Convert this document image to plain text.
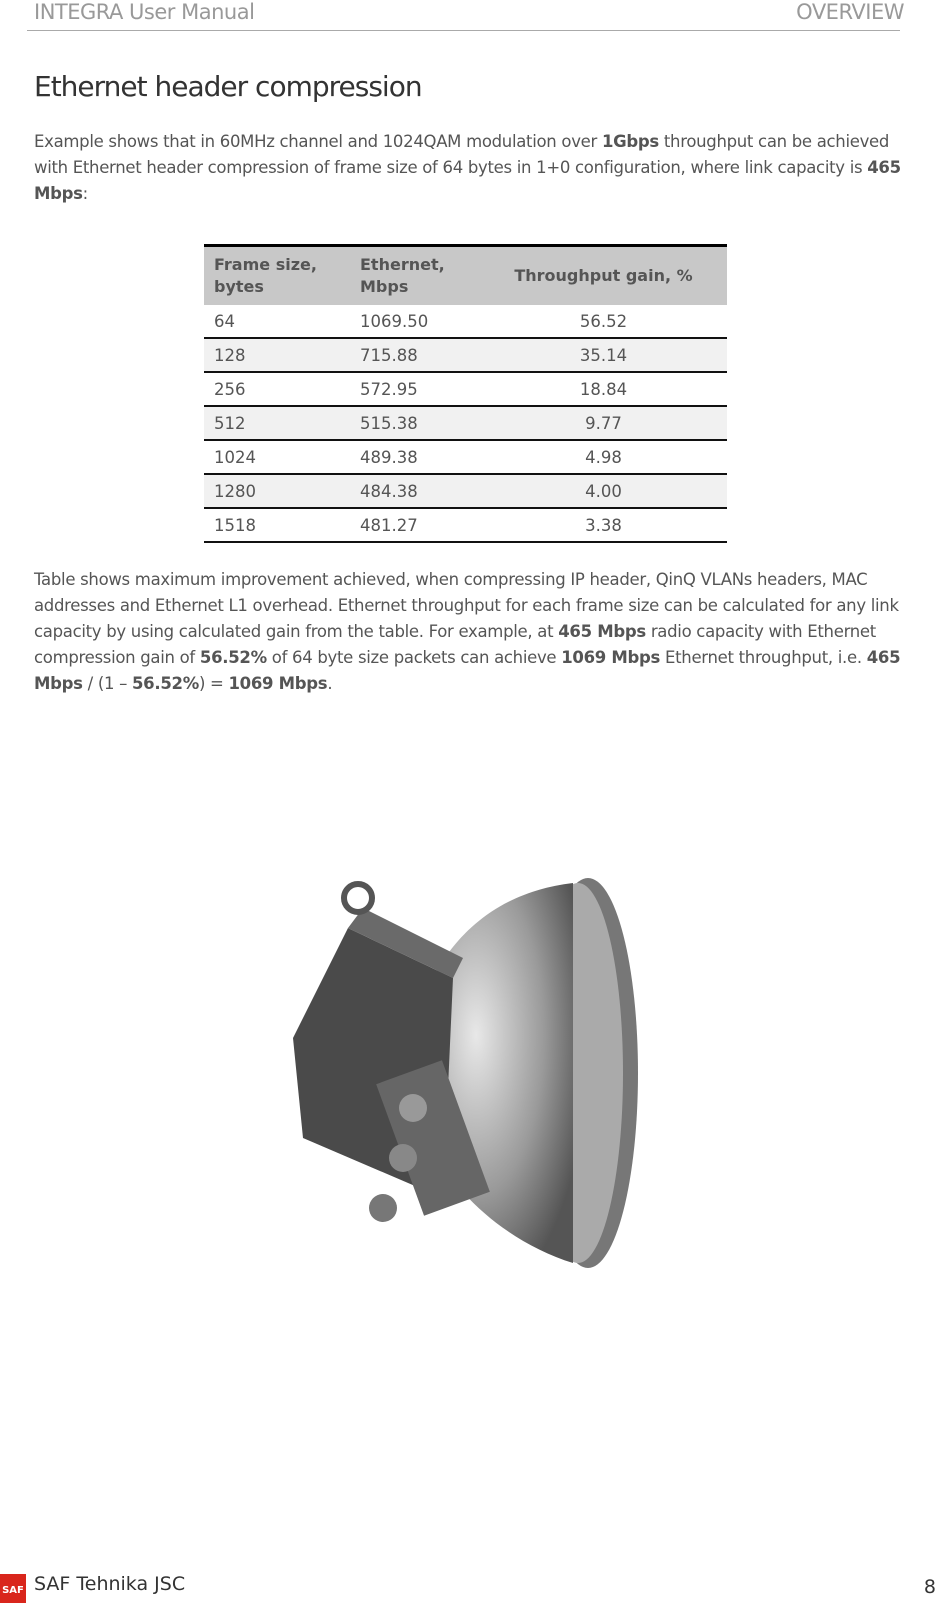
INTEGRA User Manual	OVERVIEW
Ethernet header compression
Example shows that in 60MHz channel and 1024QAM modulation over 1Gbps throughput can be achieved with Ethernet header compression of frame size of 64 bytes in 1+0 configuration, where link capacity is 465 Mbps:
Frame size, bytes	Ethernet, Mbps	Throughput gain, %
64	1069.50	56.52
128	715.88	35.14
256	572.95	18.84
512	515.38	9.77
1024	489.38	4.98
1280	484.38	4.00
1518	481.27	3.38
Table shows maximum improvement achieved, when compressing IP header, QinQ VLANs headers, MAC addresses and Ethernet L1 overhead. Ethernet throughput for each frame size can be calculated for any link capacity by using calculated gain from the table. For example, at 465 Mbps radio capacity with Ethernet compression gain of 56.52% of 64 byte size packets can achieve 1069 Mbps Ethernet throughput, i.e. 465 Mbps / (1 – 56.52%) = 1069 Mbps.
SAF SAF Tehnika JSC	8
